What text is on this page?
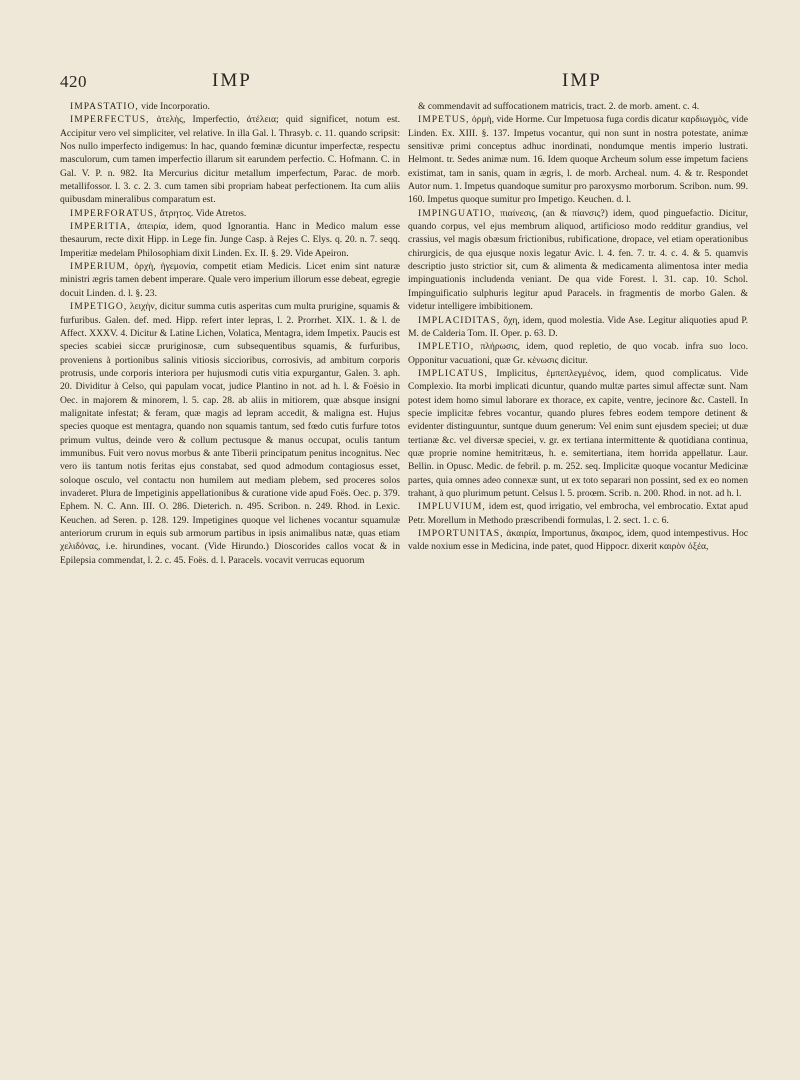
420	IMP	IMP

IMPASTATIO, vide Incorporatio.

IMPERFECTUS, ἀτελὴς, Imperfectio, ἀτέλεια; quid significet, notum est. Accipitur vero vel simpliciter, vel relative. In illa Gal. l. Thrasyb. c. 11. quando scripsit: Nos nullo imperfecto indigemus: In hac, quando fœminæ dicuntur imperfectæ, respectu masculorum, cum tamen imperfectio illarum sit earundem perfectio. C. Hofmann. C. in Gal. V. P. n. 982. Ita Mercurius dicitur metallum imperfectum, Parac. de morb. metallifossor. l. 3. c. 2. 3. cum tamen sibi propriam habeat perfectionem. Ita cum aliis quibusdam mineralibus comparatum est.

IMPERFORATUS, ἄτρητος. Vide Atretos.

IMPERITIA, ἀπειρία, idem, quod Ignorantia. Hanc in Medico malum esse thesaurum, recte dixit Hipp. in Lege fin. Junge Casp. à Rejes C. Elys. q. 20. n. 7. seqq. Imperitiæ medelam Philosophiam dixit Linden. Ex. II. §. 29. Vide Apeiron.

IMPERIUM, ὀρχὴ, ἡγεμονία, competit etiam Medicis. Licet enim sint naturæ ministri ægris tamen debent imperare. Quale vero imperium illorum esse debeat, egregie docuit Linden. d. l. §. 23.

IMPETIGO, λειχὴν, dicitur summa cutis asperitas cum multa prurigine, squamis & furfuribus. Galen. def. med. Hipp. refert inter lepras, l. 2. Prorrhet. XIX. 1. & l. de Affect. XXXV. 4. Dicitur & Latine Lichen, Volatica, Mentagra, idem Impetix. Paucis est species scabiei siccæ pruriginosæ, cum subsequentibus squamis, & furfuribus, proveniens à portionibus salinis vitiosis siccioribus, corrosivis, ad ambitum corporis protrusis, unde corporis interiora per hujusmodi cutis vitia expurgantur, Galen. 3. aph. 20. Dividitur à Celso, qui papulam vocat, judice Plantino in not. ad h. l. & Foësio in Oec. in majorem & minorem, l. 5. cap. 28. ab aliis in mitiorem, quæ absque insigni malignitate infestat; & feram, quæ magis ad lepram accedit, & maligna est. Hujus species quoque est mentagra, quando non squamis tantum, sed fœdo cutis furfure totos primum vultus, deinde vero & collum pectusque & manus occupat, oculis tantum immunibus. Fuit vero novus morbus & ante Tiberii principatum penitus incognitus. Nec vero iis tantum notis feritas ejus constabat, sed quod admodum contagiosus esset, soloque osculo, vel contactu non humilem aut mediam plebem, sed proceres solos invaderet. Plura de Impetiginis appellationibus & curatione vide apud Foës. Oec. p. 379. Ephem. N. C. Ann. III. O. 286. Dieterich. n. 495. Scribon. n. 249. Rhod. in Lexic. Keuchen. ad Seren. p. 128. 129. Impetigines quoque vel lichenes vocantur squamulæ anteriorum crurum in equis sub armorum partibus in ipsis animalibus natæ, quas etiam χελιδόνας, i.e. hirundines, vocant. (Vide Hirundo.) Dioscorides callos vocat & in Epilepsia commendat, l. 2. c. 45. Foës. d. l. Paracels. vocavit verrucas equorum

& commendavit ad suffocationem matricis, tract. 2. de morb. ament. c. 4.

IMPETUS, ὁρμὴ, vide Horme. Cur Impetuosa fuga cordis dicatur καρδιωγμὸς, vide Linden. Ex. XIII. §. 137. Impetus vocantur, qui non sunt in nostra potestate, animæ sensitivæ primi conceptus adhuc inordinati, nondumque mentis imperio lustrati. Helmont. tr. Sedes animæ num. 16. Idem quoque Archeum solum esse impetum faciens existimat, tam in sanis, quam in ægris, l. de morb. Archeal. num. 4. & tr. Respondet Autor num. 1. Impetus quandoque sumitur pro paroxysmo morborum. Scribon. num. 99. 160. Impetus quoque sumitur pro Impetigo. Keuchen. d. l.

IMPINGUATIO, πιαίνεσις, (an & πίανσις?) idem, quod pinguefactio. Dicitur, quando corpus, vel ejus membrum aliquod, artificioso modo redditur grandius, vel crassius, vel magis obæsum frictionibus, rubificatione, dropace, vel etiam operationibus chirurgicis, de qua ejusque noxis legatur Avic. l. 4. fen. 7. tr. 4. c. 4. & 5. quamvis descriptio justo strictior sit, cum & alimenta & medicamenta alimentosa inter media impinguationis includenda veniant. De qua vide Forest. l. 31. cap. 10. Schol. Impinguificatio sulphuris legitur apud Paracels. in fragmentis de morbo Galen. & videtur intelligere imbibitionem.

IMPLACIDITAS, ὄχη, idem, quod molestia. Vide Ase. Legitur aliquoties apud P. M. de Calderia Tom. II. Oper. p. 63. D.

IMPLETIO, πλήρωσις, idem, quod repletio, de quo vocab. infra suo loco. Opponitur vacuationi, quæ Gr. κένωσις dicitur.

IMPLICATUS, Implicitus, ἐμπεπλεγμένος, idem, quod complicatus. Vide Complexio. Ita morbi implicati dicuntur, quando multæ partes simul affectæ sunt. Nam potest idem homo simul laborare ex thorace, ex capite, ventre, jecinore &c. Castell. In specie implicitæ febres vocantur, quando plures febres eodem tempore detinent & evidenter distinguuntur, suntque duum generum: Vel enim sunt ejusdem speciei; ut duæ tertianæ &c. vel diversæ speciei, v. gr. ex tertiana intermittente & quotidiana continua, quæ proprie nomine hemitritæus, h. e. semitertiana, item horrida appellatur. Laur. Bellin. in Opusc. Medic. de febril. p. m. 252. seq. Implicitæ quoque vocantur Medicinæ partes, quia omnes adeo connexæ sunt, ut ex toto separari non possint, sed ex eo nomen trahant, à quo plurimum petunt. Celsus l. 5. proœm. Scrib. n. 200. Rhod. in not. ad h. l.

IMPLUVIUM, idem est, quod irrigatio, vel embrocha, vel embrocatio. Extat apud Petr. Morellum in Methodo præscribendi formulas, l. 2. sect. 1. c. 6.

IMPORTUNITAS, ἀκαιρία, Importunus, ἄκαιρος, idem, quod intempestivus. Hoc valde noxium esse in Medicina, inde patet, quod Hippocr. dixerit καιρὸν ὀξέα,
